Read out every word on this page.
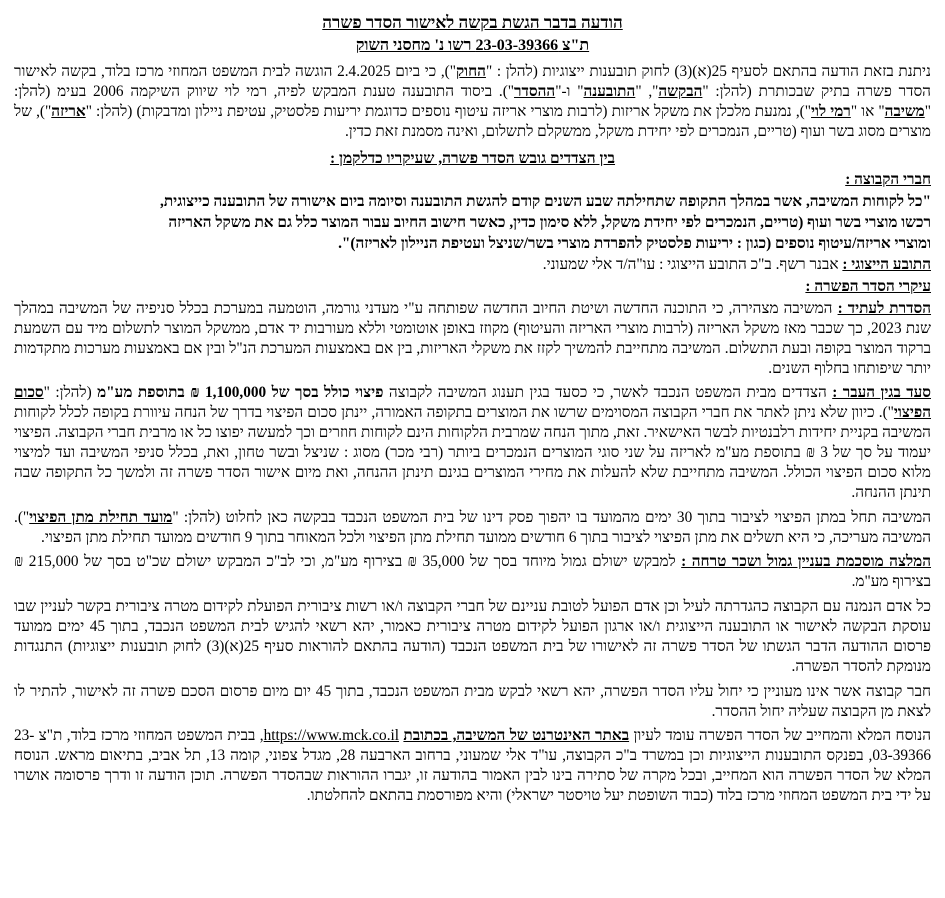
הודעה בדבר הגשת בקשה לאישור הסדר פשרה
ת"צ 23-03-39366 רשו נ' מחסני השוק

ניתנת בזאת הודעה בהתאם לסעיף 25(א)(3) לחוק תובענות ייצוגיות (להלן : "החוק"), כי ביום 2.4.2025 הוגשה לבית המשפט המחוזי מרכז בלוד, בקשה לאישור הסדר פשרה בתיק שבכותרת (להלן: "הבקשה", "התובענה" ו-"ההסדר"). ביסוד התובענה טענת המבקש לפיה, רמי לוי שיווק השיקמה 2006 בעימ (להלן: "משיבה" או "רמי לוי"), נמנעת מלכלן את משקל אריזות (לרבות מוצרי אריזה עיטוף נוספים כדוגמת יריעות פלסטיק, עטיפת ניילון ומדבקות) (להלן: "אריזה"), של מוצרים מסוג בשר ועוף (טריים, הנמכרים לפי יחידת משקל, ממשקלם לתשלום, ואינה מסמנת זאת כדין.

בין הצדדים גובש הסדר פשרה, שעיקריו כדלקמן :

חברי הקבוצה :

"כל לקוחות המשיבה, אשר במהלך התקופה שתחילתה שבע השנים קודם להגשת התובענה וסיומה ביום אישורה של התובענה כייצוגית,

רכשו מוצרי בשר ועוף (טריים, הנמכרים לפי יחידת משקל, ללא סימון כדין, כאשר חישוב החיוב עבור המוצר כלל גם את משקל האריזה

ומוצרי אריזה/עיטוף נוספים (כגון : יריעות פלסטיק להפרדת מוצרי בשר/שניצל ועטיפת הניילון לאריזה)".

התובע הייצוגי : אבנר רשף. ב"כ התובע הייצוגי : עו"ה/ד אלי שמעוני.

עיקרי הסדר הפשרה :

הסדרת לעתיד : המשיבה מצהירה, כי התוכנה החדשה ושיטת החיוב החדשה שפותחה ע"י מעדני גורמה, הוטמעה במערכת בכלל סניפיה של המשיבה במהלך שנת 2023, כך שכבר מאז משקל האריזה (לרבות מוצרי האריזה והעיטוף) מקוזז באופן אוטומטי וללא מעורבות יד אדם, ממשקל המוצר לתשלום מיד עם השמעת ברקוד המוצר בקופה ובעת התשלום. המשיבה מתחייבת להמשיך לקזז את משקלי האריזות, בין אם באמצעות המערכת הנ"ל ובין אם באמצעות מערכות מתקדמות יותר שיפותחו בחלוף השנים.

סעד בגין העבר : הצדדים מבית המשפט הנכבד לאשר, כי כסעד בגין תענוג המשיבה לקבוצה פיצוי כולל בסך של 1,100,000 ₪ בתוספת מע"מ (להלן: "סכום הפיצוי"). כיוון שלא ניתן לאתר את חברי הקבוצה המסוימים שרשו את המוצרים בתקופה האמורה, יינתן סכום הפיצוי בדרך של הנחה עיוורת בקופה לכלל לקוחות המשיבה בקניית יחידות רלבנטיות לבשר האישאיר. זאת, מתוך הנחה שמרבית הלקוחות הינם לקוחות חוזרים וכך למעשה יפוצו כל או מרבית חברי הקבוצה. הפיצוי יעמוד על סך של 3 ₪ בתוספת מע"מ לאריזה על שני סוגי המוצרים הנמכרים ביותר (רבי מכר) מסוג : שניצל ובשר טחון, ואת, בכלל סניפי המשיבה ועד למיצוי מלוא סכום הפיצוי הכולל. המשיבה מתחייבת שלא להעלות את מחירי המוצרים בגינם תינתן ההנחה, ואת מיום אישור הסדר פשרה זה ולמשך כל התקופה שבה תינתן ההנחה.

המשיבה תחל במתן הפיצוי לציבור בתוך 30 ימים מהמועד בו יהפוך פסק דינו של בית המשפט הנכבד בבקשה כאן לחלוט (להלן: "מועד תחילת מתן הפיצוי"). המשיבה מעריכה, כי היא תשלים את מתן הפיצוי לציבור בתוך 6 חודשים ממועד תחילת מתן הפיצוי ולכל המאוחר בתוך 9 חודשים ממועד תחילת מתן הפיצוי.

המלצה מוסכמת בעניין גמול ושכר טרחה : למבקש ישולם גמול מיוחד בסך של 35,000 ₪ בצירוף מע"מ, וכי לב"כ המבקש ישולם שכ"ט בסך של 215,000 ₪ בצירוף מע"מ.

כל אדם הנמנה עם הקבוצה כהגדרתה לעיל וכן אדם הפועל לטובת עניינם של חברי הקבוצה ו/או רשות ציבורית הפועלת לקידום מטרה ציבורית בקשר לעניין שבו עוסקת הבקשה לאישור או התובענה הייצוגית ו/או ארגון הפועל לקידום מטרה ציבורית כאמור, יהא רשאי להגיש לבית המשפט הנכבד, בתוך 45 ימים ממועד פרסום ההודעה הדבר הגשתו של הסדר פשרה זה לאישורו של בית המשפט הנכבד (הודעה בהתאם להוראות סעיף 25(א)(3) לחוק תובענות ייצוגיות) התנגדות מנומקת להסדר הפשרה.

חבר קבוצה אשר אינו מעוניין כי יחול עליו הסדר הפשרה, יהא רשאי לבקש מבית המשפט הנכבד, בתוך 45 יום מיום פרסום הסכם פשרה זה לאישור, להתיר לו לצאת מן הקבוצה שעליה יחול ההסדר.

הנוסח המלא והמחייב של הסדר הפשרה עומד לעיון באתר האינטרנט של המשיבה, בכתובת https://www.mck.co.il, בבית המשפט המחוזי מרכז בלוד, ת"צ 23-03-39366, בפנקס התובענות הייצוגיות וכן במשרד ב"כ הקבוצה, עו"ד אלי שמעוני, ברחוב הארבעה 28, מגדל צפוני, קומה 13, תל אביב, בתיאום מראש. הנוסח המלא של הסדר הפשרה הוא המחייב, ובכל מקרה של סתירה בינו לבין האמור בהודעה זו, יגברו ההוראות שבהסדר הפשרה. תוכן הודעה זו ודרך פרסומה אושרו על ידי בית המשפט המחוזי מרכז בלוד (כבוד השופטת יעל טויסטר ישראלי) והיא מפורסמת בהתאם להחלטתו.
